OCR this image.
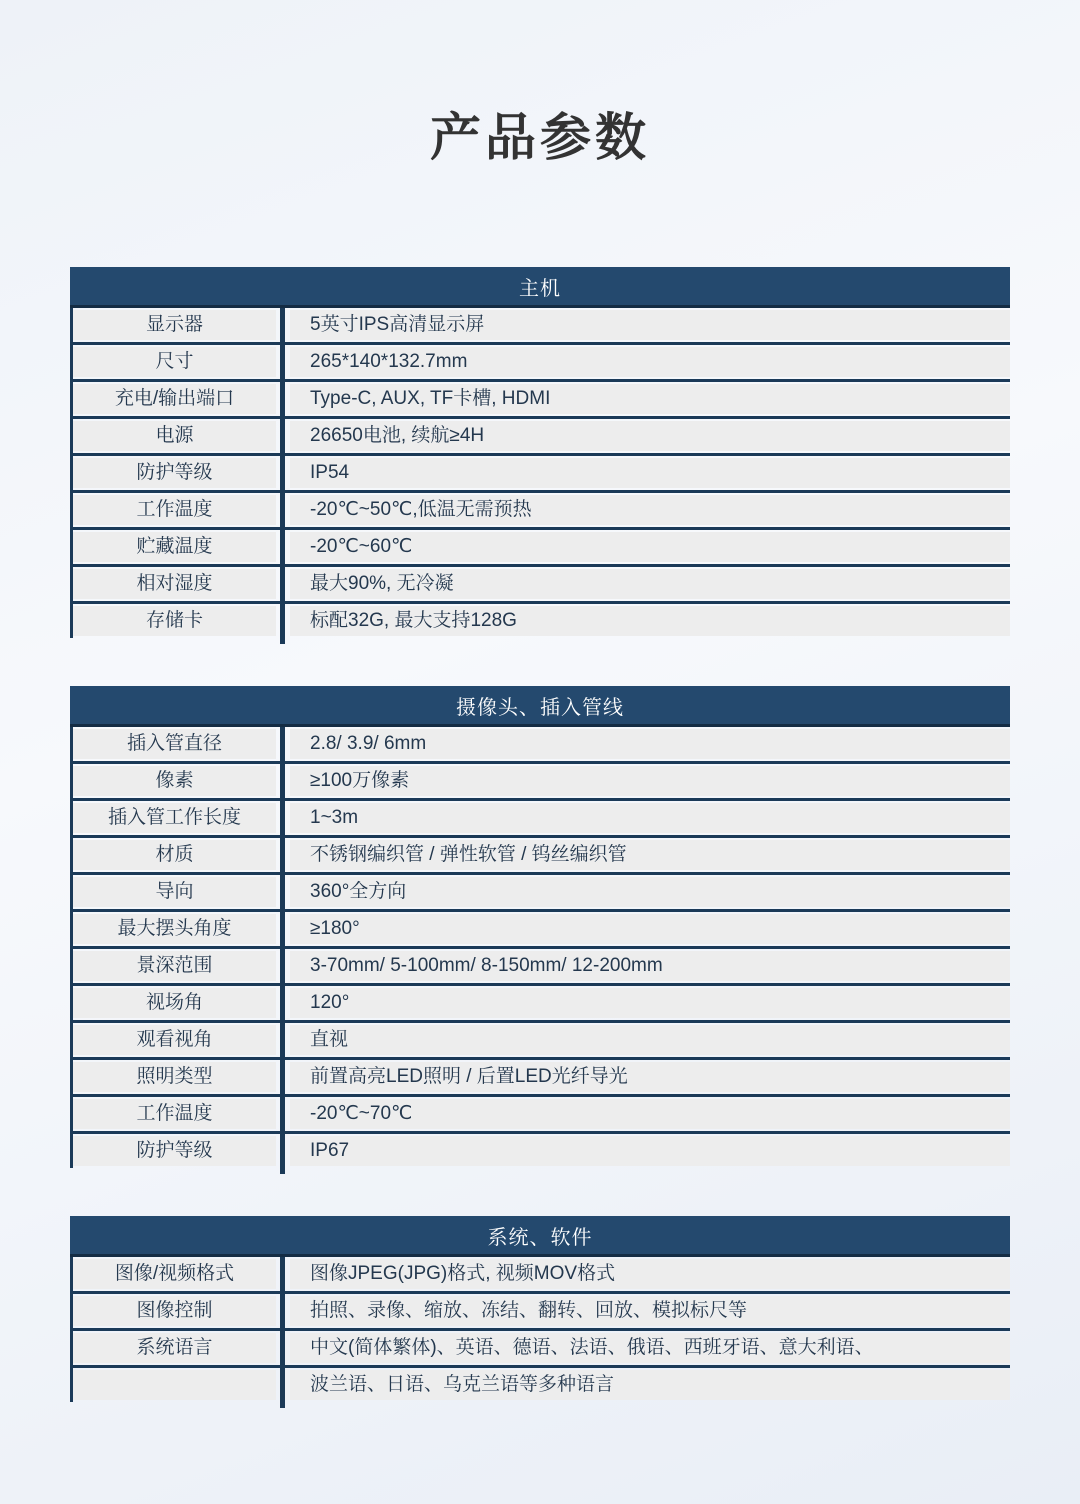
产品参数
主机
显示器	5英寸IPS高清显示屏
尺寸	265*140*132.7mm
充电/输出端口	Type-C, AUX, TF卡槽, HDMI
电源	26650电池, 续航≥4H
防护等级	IP54
工作温度	-20℃~50℃,低温无需预热
贮藏温度	-20℃~60℃
相对湿度	最大90%, 无冷凝
存储卡	标配32G, 最大支持128G
摄像头、插入管线
插入管直径	2.8/ 3.9/ 6mm
像素	≥100万像素
插入管工作长度	1~3m
材质	不锈钢编织管 / 弹性软管 / 钨丝编织管
导向	360°全方向
最大摆头角度	≥180°
景深范围	3-70mm/ 5-100mm/ 8-150mm/ 12-200mm
视场角	120°
观看视角	直视
照明类型	前置高亮LED照明 / 后置LED光纤导光
工作温度	-20℃~70℃
防护等级	IP67
系统、软件
图像/视频格式	图像JPEG(JPG)格式, 视频MOV格式
图像控制	拍照、录像、缩放、冻结、翻转、回放、模拟标尺等
系统语言	中文(简体繁体)、英语、德语、法语、俄语、西班牙语、意大利语、
波兰语、日语、乌克兰语等多种语言
